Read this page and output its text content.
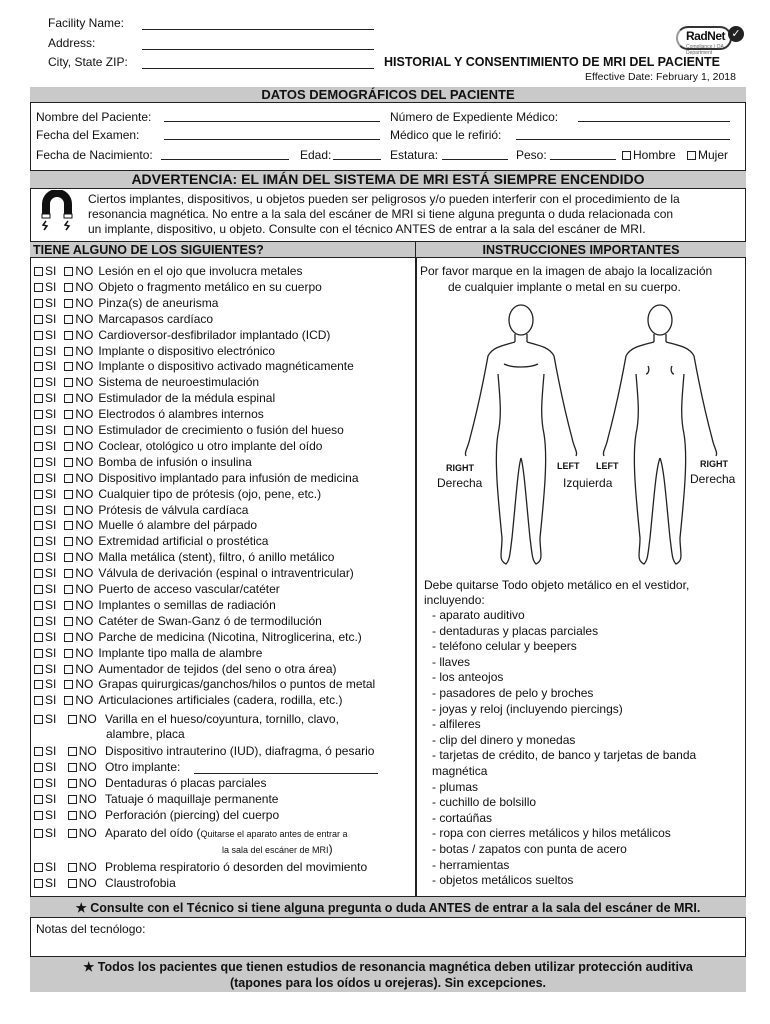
Facility Name:
Address:
City, State ZIP:
RadNet ✓
Compliance / QA Department
HISTORIAL Y CONSENTIMIENTO DE MRI DEL PACIENTE
Effective Date: February 1, 2018
DATOS DEMOGRÁFICOS DEL PACIENTE
Nombre del Paciente:	Número de Expediente Médico:
Fecha del Examen:	Médico que le refirió:
Fecha de Nacimiento:	Edad:	Estatura:	Peso:	Hombre	Mujer
ADVERTENCIA: EL IMÁN DEL SISTEMA DE MRI ESTÁ SIEMPRE ENCENDIDO
Ciertos implantes, dispositivos, u objetos pueden ser peligrosos y/o pueden interferir con el procedimiento de la
resonancia magnética. No entre a la sala del escáner de MRI si tiene alguna pregunta o duda relacionada con
un implante, dispositivo, u objeto. Consulte con el técnico ANTES de entrar a la sala del escáner de MRI.
TIENE ALGUNO DE LOS SIGUIENTES?	INSTRUCCIONES IMPORTANTES
SI NO Lesión en el ojo que involucra metales
SI NO Objeto o fragmento metálico en su cuerpo
SI NO Pinza(s) de aneurisma
SI NO Marcapasos cardíaco
SI NO Cardioversor-desfibrilador implantado (ICD)
SI NO Implante o dispositivo electrónico
SI NO Implante o dispositivo activado magnéticamente
SI NO Sistema de neuroestimulación
SI NO Estimulador de la médula espinal
SI NO Electrodos ó alambres internos
SI NO Estimulador de crecimiento o fusión del hueso
SI NO Coclear, otológico u otro implante del oído
SI NO Bomba de infusión o insulina
SI NO Dispositivo implantado para infusión de medicina
SI NO Cualquier tipo de prótesis (ojo, pene, etc.)
SI NO Prótesis de válvula cardíaca
SI NO Muelle ó alambre del párpado
SI NO Extremidad artificial o prostética
SI NO Malla metálica (stent), filtro, ó anillo metálico
SI NO Válvula de derivación (espinal o intraventricular)
SI NO Puerto de acceso vascular/catéter
SI NO Implantes o semillas de radiación
SI NO Catéter de Swan-Ganz ó de termodilución
SI NO Parche de medicina (Nicotina, Nitroglicerina, etc.)
SI NO Implante tipo malla de alambre
SI NO Aumentador de tejidos (del seno o otra área)
SI NO Grapas quirurgicas/ganchos/hilos o puntos de metal
SI NO Articulaciones artificiales (cadera, rodilla, etc.)
SI NO Varilla en el hueso/coyuntura, tornillo, clavo,
alambre, placa
SI NO Dispositivo intrauterino (IUD), diafragma, ó pesario
SI NO Otro implante:
SI NO Dentaduras ó placas parciales
SI NO Tatuaje ó maquillaje permanente
SI NO Perforación (piercing) del cuerpo
SI NO Aparato del oído (Quitarse el aparato antes de entrar a
la sala del escáner de MRI)
SI NO Problema respiratorio ó desorden del movimiento
SI NO Claustrofobia
Por favor marque en la imagen de abajo la localización
de cualquier implante o metal en su cuerpo.
RIGHT
Derecha
LEFT
Izquierda
LEFT	RIGHT
Derecha
Debe quitarse Todo objeto metálico en el vestidor,
incluyendo:
- aparato auditivo
- dentaduras y placas parciales
- teléfono celular y beepers
- llaves
- los anteojos
- pasadores de pelo y broches
- joyas y reloj (incluyendo piercings)
- alfileres
- clip del dinero y monedas
- tarjetas de crédito, de banco y tarjetas de banda
magnética
- plumas
- cuchillo de bolsillo
- cortaúñas
- ropa con cierres metálicos y hilos metálicos
- botas / zapatos con punta de acero
- herramientas
- objetos metálicos sueltos
★ Consulte con el Técnico si tiene alguna pregunta o duda ANTES de entrar a la sala del escáner de MRI.
Notas del tecnólogo:
★ Todos los pacientes que tienen estudios de resonancia magnética deben utilizar protección auditiva
(tapones para los oídos u orejeras). Sin excepciones.
